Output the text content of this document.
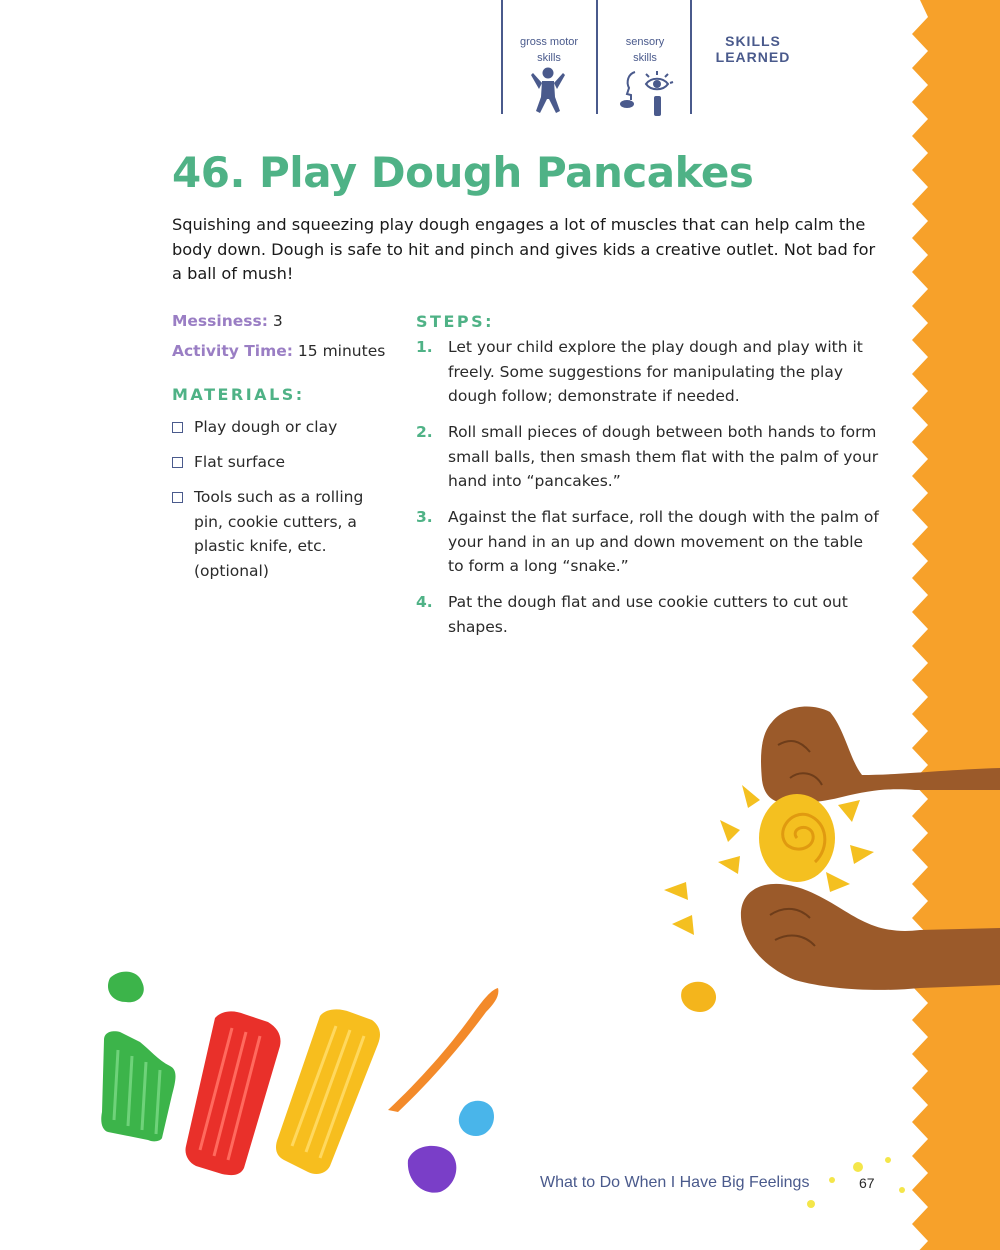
gross motor
skills
sensory
skills
SKILLS
LEARNED
46. Play Dough Pancakes

Squishing and squeezing play dough engages a lot of muscles that can help calm the body down. Dough is safe to hit and pinch and gives kids a creative outlet. Not bad for a ball of mush!

Messiness: 3
Activity Time: 15 minutes
MATERIALS:
Play dough or clay
Flat surface
Tools such as a rolling pin, cookie cutters, a plastic knife, etc. (optional)
STEPS:
1. Let your child explore the play dough and play with it freely. Some suggestions for manipulating the play dough follow; demonstrate if needed.
2. Roll small pieces of dough between both hands to form small balls, then smash them flat with the palm of your hand into “pancakes.”
3. Against the flat surface, roll the dough with the palm of your hand in an up and down movement on the table to form a long “snake.”
4. Pat the dough flat and use cookie cutters to cut out shapes.
What to Do When I Have Big Feelings	67
